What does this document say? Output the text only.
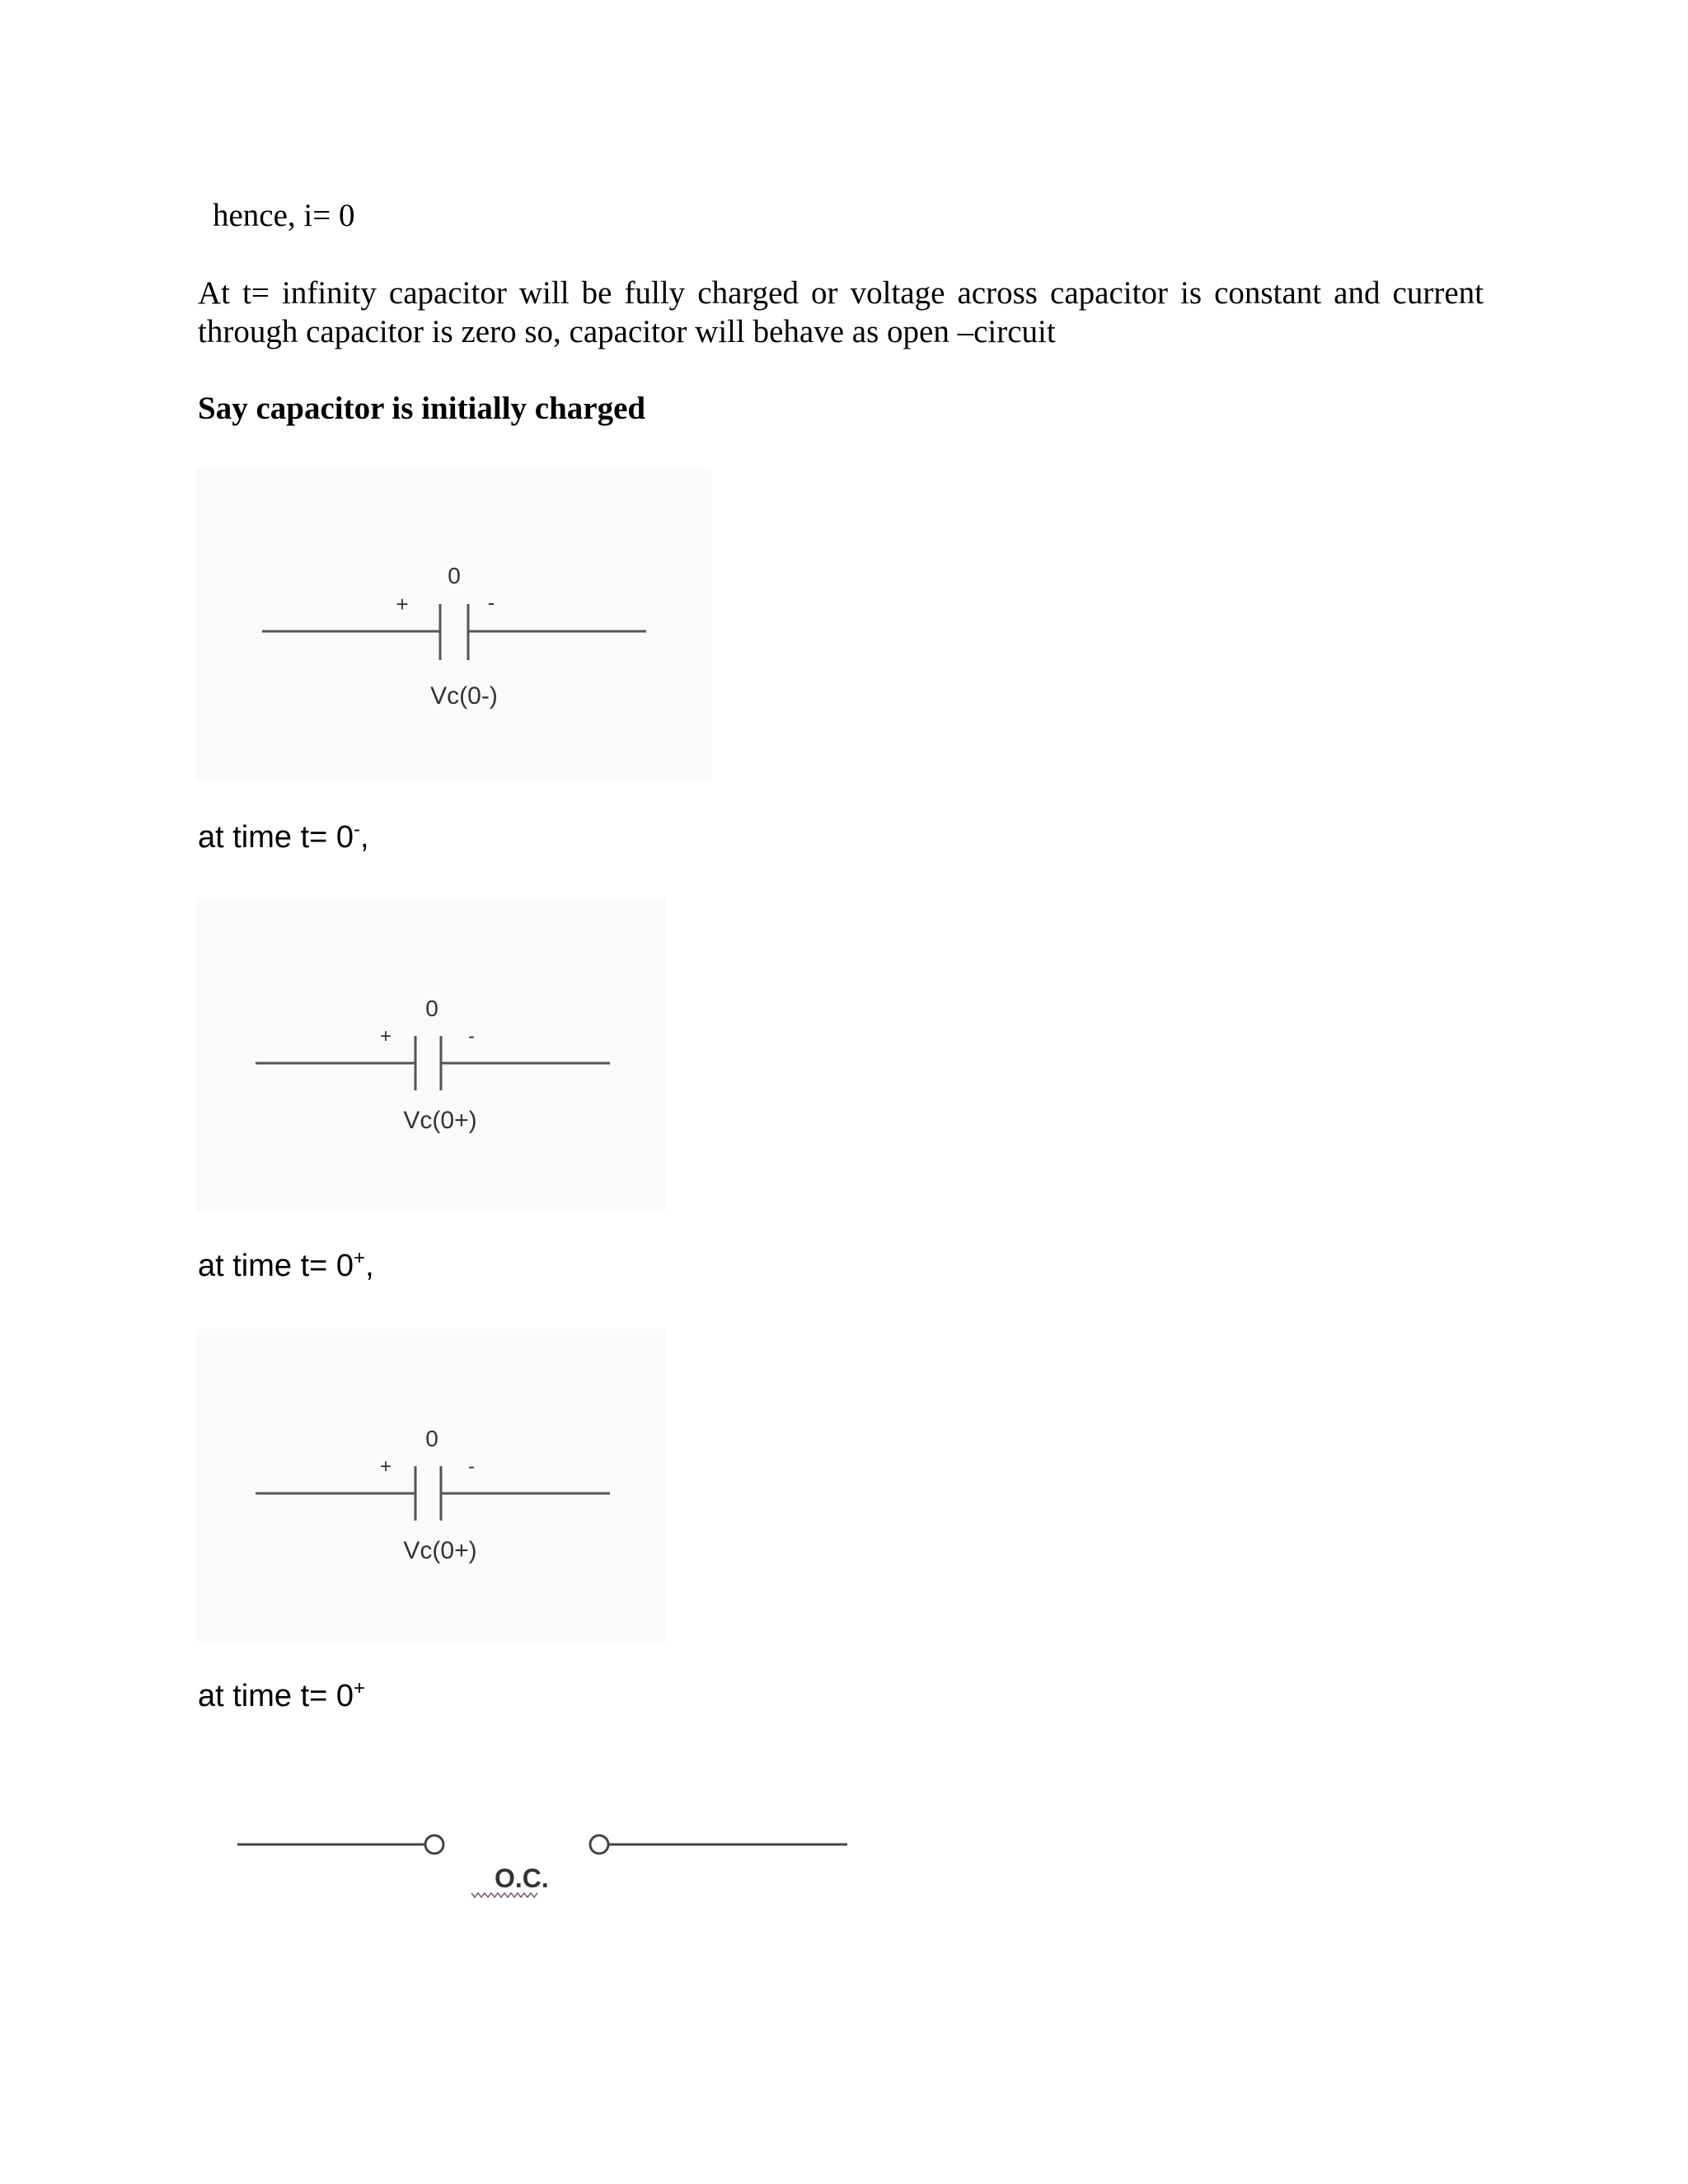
hence, i= 0

At t= infinity capacitor will be fully charged or voltage across capacitor is constant and current through capacitor is zero so, capacitor will behave as open –circuit

Say capacitor is initially charged

0
+	-
Vc(0-)

at time t= 0-,

0
+	-
Vc(0+)

at time t= 0+,

0
+	-
Vc(0+)

at time t= 0+

O.C.
